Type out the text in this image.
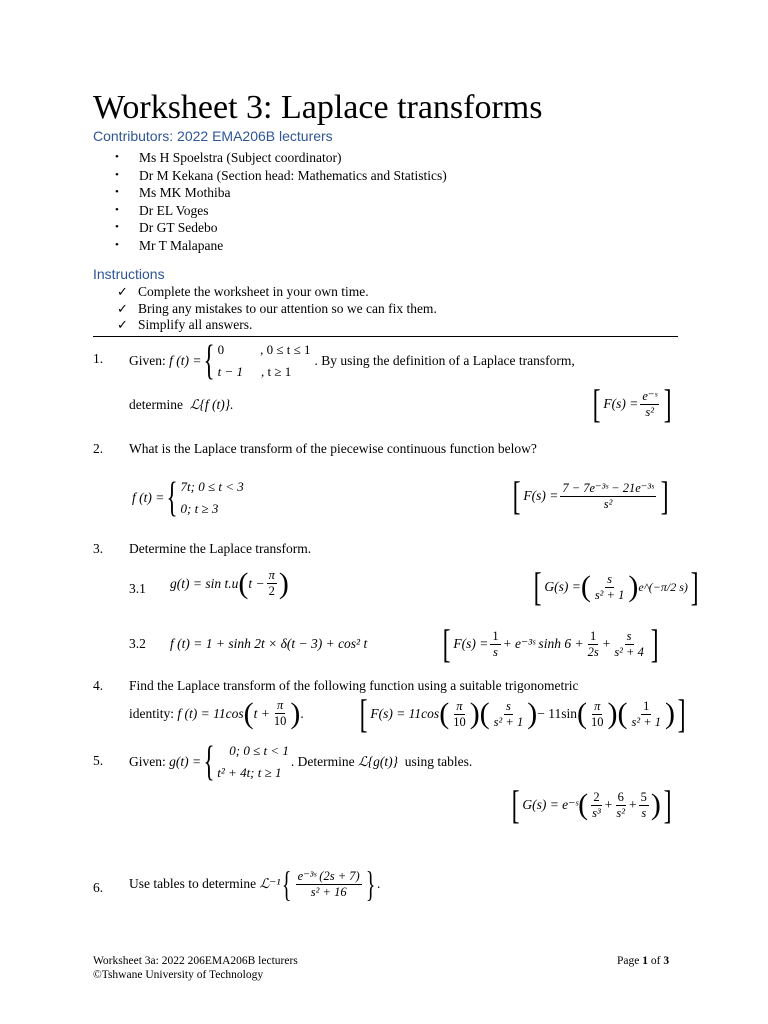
Worksheet 3: Laplace transforms
Contributors: 2022 EMA206B lecturers
• Ms H Spoelstra (Subject coordinator)
• Dr M Kekana (Section head: Mathematics and Statistics)
• Ms MK Mothiba
• Dr EL Voges
• Dr GT Sedebo
• Mr T Malapane
Instructions
✓ Complete the worksheet in your own time.
✓ Bring any mistakes to our attention so we can fix them.
✓ Simplify all answers.
1. Given:
f (t) = { 0	, 0 ≤ t ≤ 1
t − 1 , t ≥ 1
. By using the definition of a Laplace transform,
determine ℒ{f (t)}.	[ $F(s) = \frac{\text{e⁻ˢ}}{\text{s²}}$ ]
2. What is the Laplace transform of the piecewise continuous function below?
f (t) = { 7t; 0 ≤ t < 3
0; t ≥ 3	[ $F(s) = \frac{\text{7 − 7e⁻³ˢ − 21e⁻³ˢ}}{\text{s²}}$ ]
3. Determine the Laplace transform.
3.1 g(t) = sin t.u ( $t - \frac{\pi}{2}$ )	[ G(s) = ( $\frac{s}{\text{s² + 1}}$ ) e^(−π/2 s) ]
3.2 f (t) = 1 + sinh 2t × δ(t − 3) + cos² t [ $F(s) = \frac{1}{s}$ + e⁻³ˢ $\sinh 6 + \frac{1}{2s} + \frac{s}{\text{s² + 4}}$ ]
4. Find the Laplace transform of the following function using a suitable trigonometric
identity:
f (t) = 11cos ( $t + \frac{\pi}{10}$ ) . [ F(s) = 11cos ( $\frac{\pi}{10}$ )( $\frac{s}{\text{s² + 1}}$ ) − 11sin ( $\frac{\pi}{10}$ )( $\frac{1}{\text{s² + 1}}$ ) ]
5. Given:
g(t) = {	0; 0 ≤ t < 1
t² + 4t; t ≥ 1
. Determine
ℒ{g(t)}
using tables.
[ G(s) = e⁻ˢ ( $\frac{2}{\text{s³}} + \frac{6}{\text{s²}} + \frac{5}{s}$ ) ]
6. Use tables to determine
ℒ⁻¹ { $\frac{\text{e⁻³ˢ (2s + 7)}}{\text{s² + 16}}$ } .
Worksheet 3a: 2022 206EMA206B lecturers
©Tshwane University of Technology
Page 1 of 3
